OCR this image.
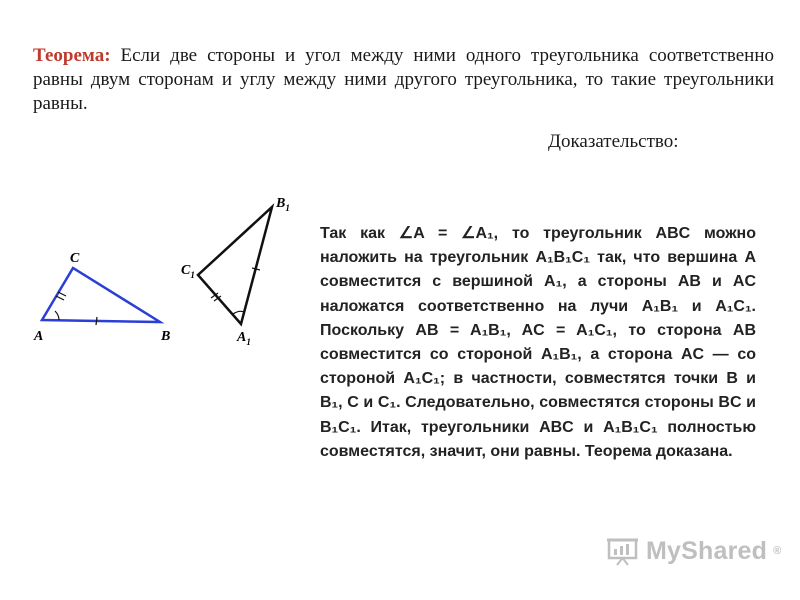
Теорема: Если две стороны и угол между ними одного треугольника соответственно равны двум сторонам и углу между ними другого треугольника, то такие треугольники равны.

Доказательство:

A
C
B
$B_1$
$C_1$
$A_1$

Так как ∠A = ∠A₁, то треугольник ABC можно наложить на треугольник A₁B₁C₁ так, что вершина A совместится с вершиной A₁, а стороны AB и AC наложатся соответственно на лучи A₁B₁ и A₁C₁. Поскольку AB = A₁B₁, AC = A₁C₁, то сторона AB совместится со стороной A₁B₁, а сторона AC — со стороной A₁C₁; в частности, совместятся точки B и B₁, C и C₁. Следовательно, совместятся стороны BC и B₁C₁. Итак, треугольники ABC и A₁B₁C₁ полностью совместятся, значит, они равны. Теорема доказана.

MyShared ®
